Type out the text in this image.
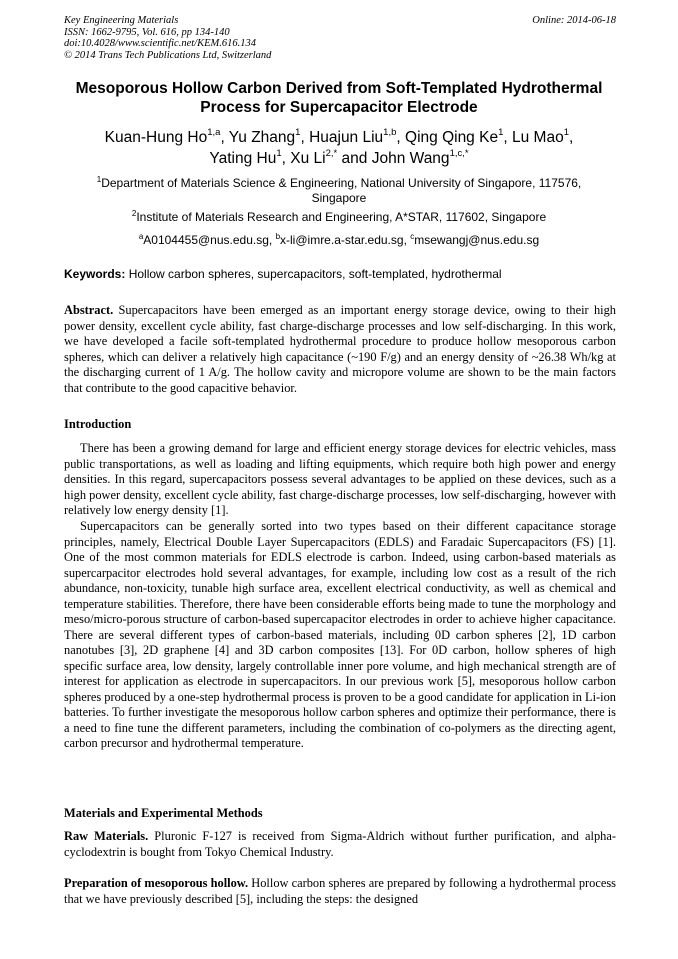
Key Engineering Materials
ISSN: 1662-9795, Vol. 616, pp 134-140
doi:10.4028/www.scientific.net/KEM.616.134
© 2014 Trans Tech Publications Ltd, Switzerland
Online: 2014-06-18
Mesoporous Hollow Carbon Derived from Soft-Templated Hydrothermal
Process for Supercapacitor Electrode
Kuan-Hung Ho$^{1,a}$, Yu Zhang$^1$, Huajun Liu$^{1,b}$, Qing Qing Ke$^1$, Lu Mao$^1$,
Yating Hu$^1$, Xu $Li^{2,*}$ and John Wang$^{1,c,*}$
$^1$Department of Materials Science & Engineering, National University of Singapore, 117576,
Singapore
$^2$Institute of Materials Research and Engineering, A*STAR, 117602, Singapore
$^a$A0104455@nus.edu.sg, $^b$x-li@imre.a-star.edu.sg, $^c$msewangj@nus.edu.sg
Keywords: Hollow carbon spheres, supercapacitors, soft-templated, hydrothermal
Abstract. Supercapacitors have been emerged as an important energy storage device, owing to their high power density, excellent cycle ability, fast charge-discharge processes and low self-discharging. In this work, we have developed a facile soft-templated hydrothermal procedure to produce hollow mesoporous carbon spheres, which can deliver a relatively high capacitance (~190 F/g) and an energy density of ~26.38 Wh/kg at the discharging current of 1 A/g. The hollow cavity and micropore volume are shown to be the main factors that contribute to the good capacitive behavior.
Introduction
There has been a growing demand for large and efficient energy storage devices for electric vehicles, mass public transportations, as well as loading and lifting equipments, which require both high power and energy densities. In this regard, supercapacitors possess several advantages to be applied on these devices, such as a high power density, excellent cycle ability, fast charge-discharge processes, low self-discharging, however with relatively low energy density [1].
Supercapacitors can be generally sorted into two types based on their different capacitance storage principles, namely, Electrical Double Layer Supercapacitors (EDLS) and Faradaic Supercapacitors (FS) [1]. One of the most common materials for EDLS electrode is carbon. Indeed, using carbon-based materials as supercarpacitor electrodes hold several advantages, for example, including low cost as a result of the rich abundance, non-toxicity, tunable high surface area, excellent electrical conductivity, as well as chemical and temperature stabilities. Therefore, there have been considerable efforts being made to tune the morphology and meso/micro-porous structure of carbon-based supercapacitor electrodes in order to achieve higher capacitance. There are several different types of carbon-based materials, including 0D carbon spheres [2], 1D carbon nanotubes [3], 2D graphene [4] and 3D carbon composites [13]. For 0D carbon, hollow spheres of high specific surface area, low density, largely controllable inner pore volume, and high mechanical strength are of interest for application as electrode in supercapacitors. In our previous work [5], mesoporous hollow carbon spheres produced by a one-step hydrothermal process is proven to be a good candidate for application in Li-ion batteries. To further investigate the mesoporous hollow carbon spheres and optimize their performance, there is a need to fine tune the different parameters, including the combination of co-polymers as the directing agent, carbon precursor and hydrothermal temperature.
Materials and Experimental Methods
Raw Materials. Pluronic F-127 is received from Sigma-Aldrich without further purification, and alpha-cyclodextrin is bought from Tokyo Chemical Industry.
Preparation of mesoporous hollow. Hollow carbon spheres are prepared by following a hydrothermal process that we have previously described [5], including the steps: the designed
